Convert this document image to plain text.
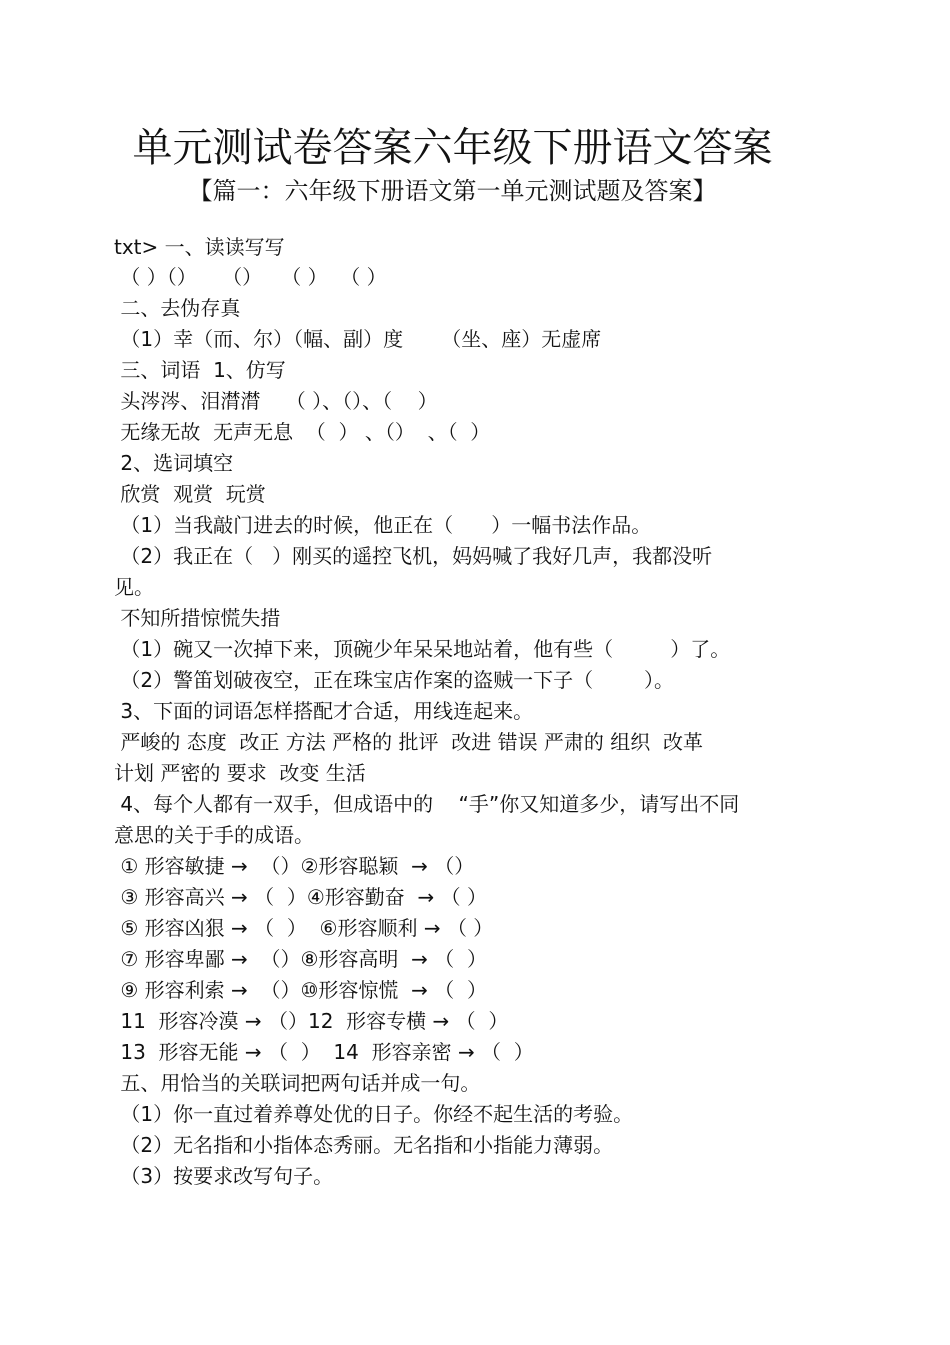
单元测试卷答案六年级下册语文答案
【篇一：六年级下册语文第一单元测试题及答案】
txt> 一、读读写写
（ ）（）    （）   （ ）  （ ）
二、去伪存真
（1）幸（而、尔）（幅、副）度      （坐、座）无虚席
三、词语  1、仿写
头涔涔、泪潸潸    （ ）、（）、（    ）
无缘无故  无声无息  （  ） 、（）  、（  ）
2、选词填空
欣赏  观赏  玩赏
（1）当我敲门进去的时候，他正在（      ）一幅书法作品。
（2）我正在（   ）刚买的遥控飞机，妈妈喊了我好几声，我都没听
见。
不知所措惊慌失措
（1）碗又一次掉下来，顶碗少年呆呆地站着，他有些（         ）了。
（2）警笛划破夜空，正在珠宝店作案的盗贼一下子（        ）。
3、下面的词语怎样搭配才合适，用线连起来。
严峻的 态度  改正 方法 严格的 批评  改进 错误 严肃的 组织  改革
计划 严密的 要求  改变 生活
4、每个人都有一双手，但成语中的    “手”你又知道多少，请写出不同
意思的关于手的成语。
① 形容敏捷 →  （）②形容聪颖  → （）
③ 形容高兴 → （  ）④形容勤奋  → （ ）
⑤ 形容凶狠 → （  ）  ⑥形容顺利 → （ ）
⑦ 形容卑鄙 →  （）⑧形容高明  → （  ）
⑨ 形容利索 →  （）⑩形容惊慌  → （  ）
11  形容冷漠 → （）12  形容专横 → （  ）
13  形容无能 → （  ）  14  形容亲密 → （  ）
五、用恰当的关联词把两句话并成一句。
（1）你一直过着养尊处优的日子。你经不起生活的考验。
（2）无名指和小指体态秀丽。无名指和小指能力薄弱。
（3）按要求改写句子。
